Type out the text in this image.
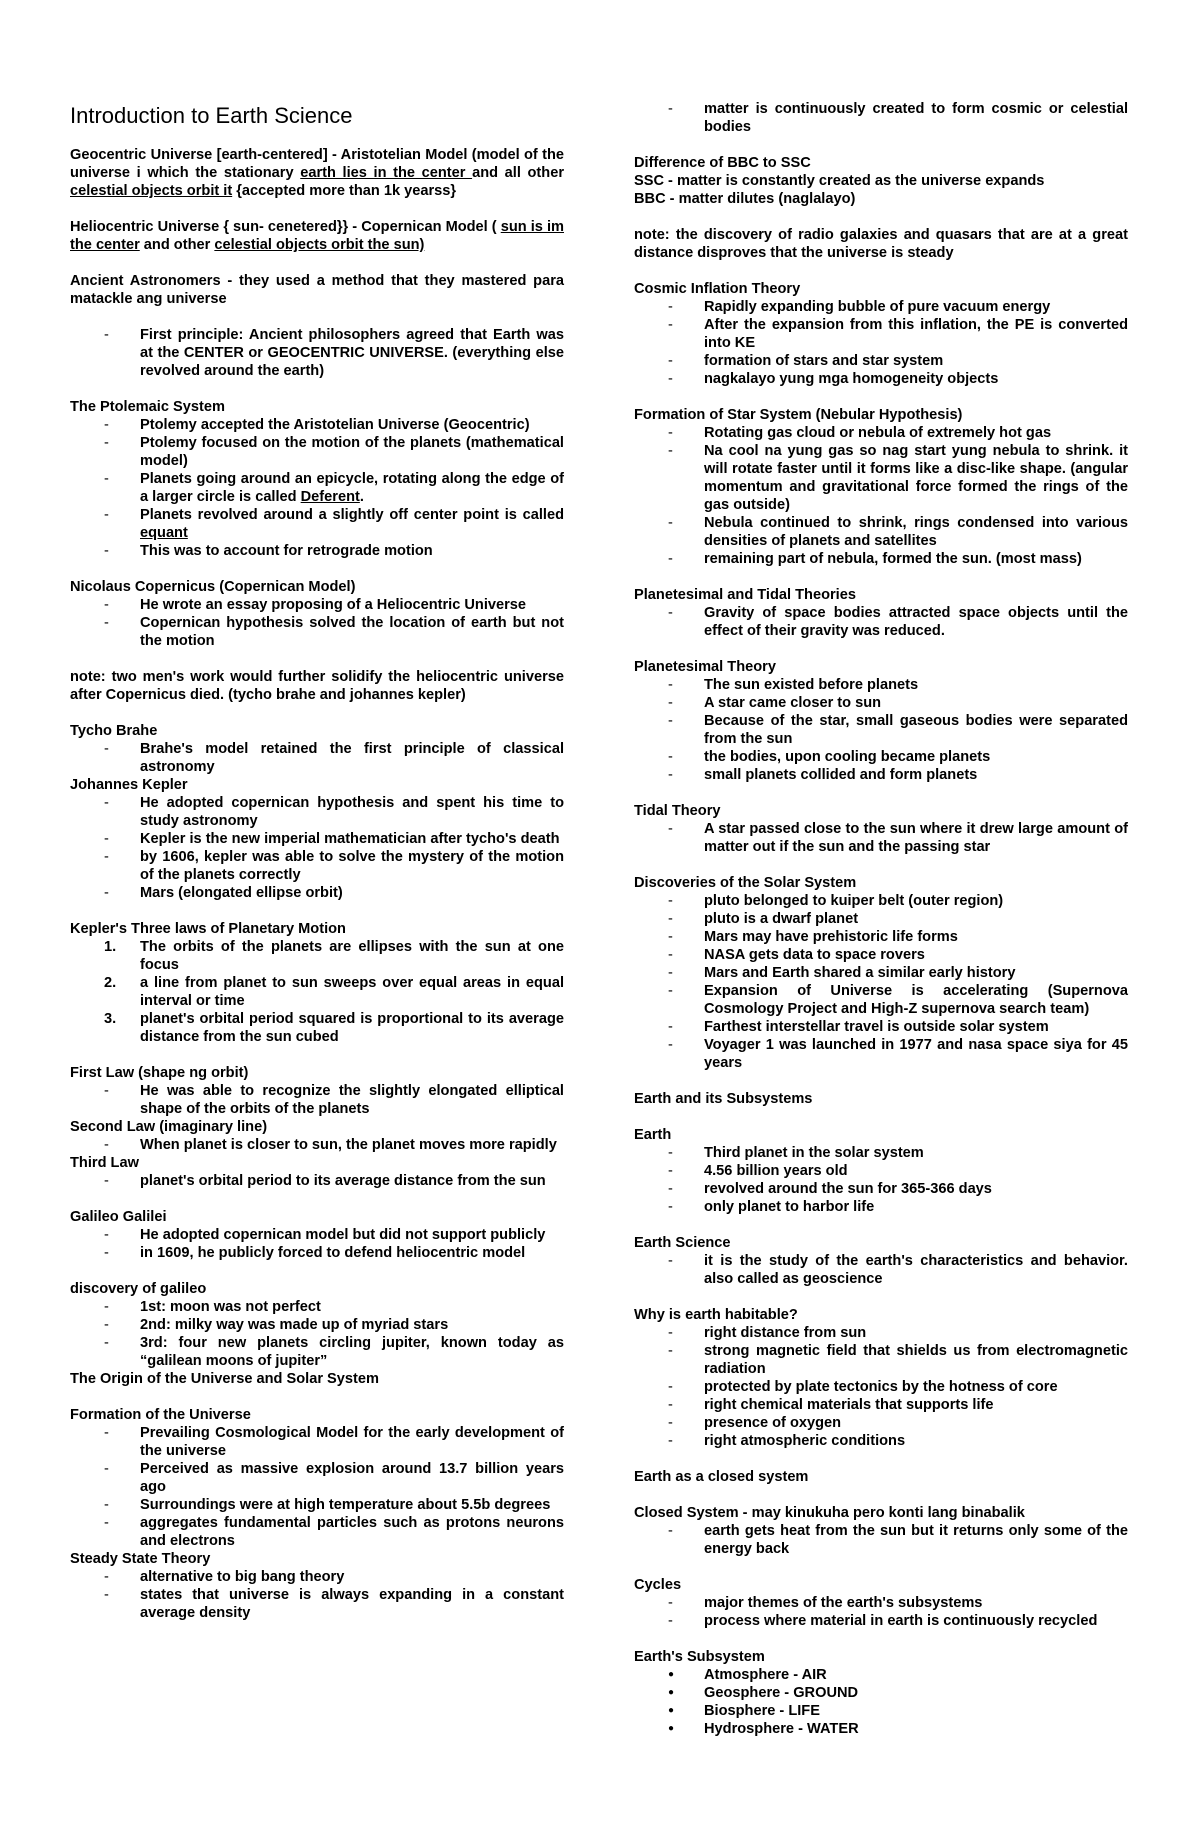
Introduction to Earth Science

Geocentric Universe [earth-centered] - Aristotelian Model (model of the universe i which the stationary earth lies in the center and all other celestial objects orbit it {accepted more than 1k yearss}

Heliocentric Universe { sun- cenetered}} - Copernican Model ( sun is im the center and other celestial objects orbit the sun)

Ancient Astronomers - they used a method that they mastered para matackle ang universe

- First principle: Ancient philosophers agreed that Earth was at the CENTER or GEOCENTRIC UNIVERSE. (everything else revolved around the earth)
The Ptolemaic System
- Ptolemy accepted the Aristotelian Universe (Geocentric)
- Ptolemy focused on the motion of the planets (mathematical model)
- Planets going around an epicycle, rotating along the edge of a larger circle is called Deferent.
- Planets revolved around a slightly off center point is called equant
- This was to account for retrograde motion
Nicolaus Copernicus (Copernican Model)
- He wrote an essay proposing of a Heliocentric Universe
- Copernican hypothesis solved the location of earth but not the motion

note: two men's work would further solidify the heliocentric universe after Copernicus died. (tycho brahe and johannes kepler)

Tycho Brahe
- Brahe's model retained the first principle of classical astronomy
Johannes Kepler
- He adopted copernican hypothesis and spent his time to study astronomy
- Kepler is the new imperial mathematician after tycho's death
- by 1606, kepler was able to solve the mystery of the motion of the planets correctly
- Mars (elongated ellipse orbit)
Kepler's Three laws of Planetary Motion
1. The orbits of the planets are ellipses with the sun at one focus
2. a line from planet to sun sweeps over equal areas in equal interval or time
3. planet's orbital period squared is proportional to its average distance from the sun cubed
First Law (shape ng orbit)
- He was able to recognize the slightly elongated elliptical shape of the orbits of the planets
Second Law (imaginary line)
- When planet is closer to sun, the planet moves more rapidly
Third Law
- planet's orbital period to its average distance from the sun
Galileo Galilei
- He adopted copernican model but did not support publicly
- in 1609, he publicly forced to defend heliocentric model
discovery of galileo
- 1st: moon was not perfect
- 2nd: milky way was made up of myriad stars
- 3rd: four new planets circling jupiter, known today as “galilean moons of jupiter”
The Origin of the Universe and Solar System
Formation of the Universe
- Prevailing Cosmological Model for the early development of the universe
- Perceived as massive explosion around 13.7 billion years ago
- Surroundings were at high temperature about 5.5b degrees
- aggregates fundamental particles such as protons neurons and electrons
Steady State Theory
- alternative to big bang theory
- states that universe is always expanding in a constant average density
- matter is continuously created to form cosmic or celestial bodies
Difference of BBC to SSC

SSC - matter is constantly created as the universe expands

BBC - matter dilutes (naglalayo)

note: the discovery of radio galaxies and quasars that are at a great distance disproves that the universe is steady

Cosmic Inflation Theory
- Rapidly expanding bubble of pure vacuum energy
- After the expansion from this inflation, the PE is converted into KE
- formation of stars and star system
- nagkalayo yung mga homogeneity objects
Formation of Star System (Nebular Hypothesis)
- Rotating gas cloud or nebula of extremely hot gas
- Na cool na yung gas so nag start yung nebula to shrink. it will rotate faster until it forms like a disc-like shape. (angular momentum and gravitational force formed the rings of the gas outside)
- Nebula continued to shrink, rings condensed into various densities of planets and satellites
- remaining part of nebula, formed the sun. (most mass)
Planetesimal and Tidal Theories
- Gravity of space bodies attracted space objects until the effect of their gravity was reduced.
Planetesimal Theory
- The sun existed before planets
- A star came closer to sun
- Because of the star, small gaseous bodies were separated from the sun
- the bodies, upon cooling became planets
- small planets collided and form planets
Tidal Theory
- A star passed close to the sun where it drew large amount of matter out if the sun and the passing star
Discoveries of the Solar System
- pluto belonged to kuiper belt (outer region)
- pluto is a dwarf planet
- Mars may have prehistoric life forms
- NASA gets data to space rovers
- Mars and Earth shared a similar early history
- Expansion of Universe is accelerating (Supernova Cosmology Project and High-Z supernova search team)
- Farthest interstellar travel is outside solar system
- Voyager 1 was launched in 1977 and nasa space siya for 45 years
Earth and its Subsystems
Earth
- Third planet in the solar system
- 4.56 billion years old
- revolved around the sun for 365-366 days
- only planet to harbor life
Earth Science
- it is the study of the earth's characteristics and behavior. also called as geoscience
Why is earth habitable?
- right distance from sun
- strong magnetic field that shields us from electromagnetic radiation
- protected by plate tectonics by the hotness of core
- right chemical materials that supports life
- presence of oxygen
- right atmospheric conditions
Earth as a closed system
Closed System - may kinukuha pero konti lang binabalik
- earth gets heat from the sun but it returns only some of the energy back
Cycles
- major themes of the earth's subsystems
- process where material in earth is continuously recycled
Earth's Subsystem
● Atmosphere - AIR
● Geosphere - GROUND
● Biosphere - LIFE
● Hydrosphere - WATER
